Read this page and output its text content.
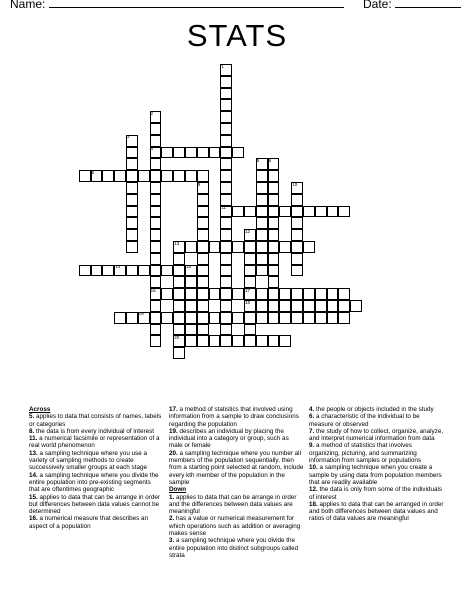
Name:	Date:
STATS
1
2
3
4
5 6
8
9	10
11
12
13
14	15
16	17
18
19
20
Across
5. applies to data that consists of names, labels or categories
8. the data is from every individual of interest
11. a numerical facsimile or representation of a real world phenomenon
13. a sampling technique where you use a variety of sampling methods to create successively smaller groups at each stage
14. a sampling technique where you divide the entire population into pre-existing segments that are oftentimes geographic
15. applies to data that can be arrange in order but differences between data values cannot be determined
16. a numerical measure that describes an aspect of a population
17. a method of statistics that involved using information from a sample to draw conclusions regarding the population
19. describes an individual by placing the individual into a category or group, such as male or female
20. a sampling technique where you number all members of the population sequentially, then from a starting point selected at random, include every kth member of the population in the sample
Down
1. applies to data that can be arrange in order and the differences between data values are meaningful
2. has a value or numerical measurement for which operations such as addition or averaging makes sense
3. a sampling technique where you divide the entire population into distinct subgroups called strata
4. the people or objects included in the study
6. a characteristic of the individual to be measure or observed
7. the study of how to collect, organize, analyze, and interpret numerical information from data
9. a method of statistics that involves organizing, picturing, and summarizing information from samples or populations
10. a sampling technique when you create a sample by using data from population members that are readily available
12. the data is only from some of the individuals of interest
18. applies to data that can be arranged in order and both differences between data values and ratios of data values are meaningful
